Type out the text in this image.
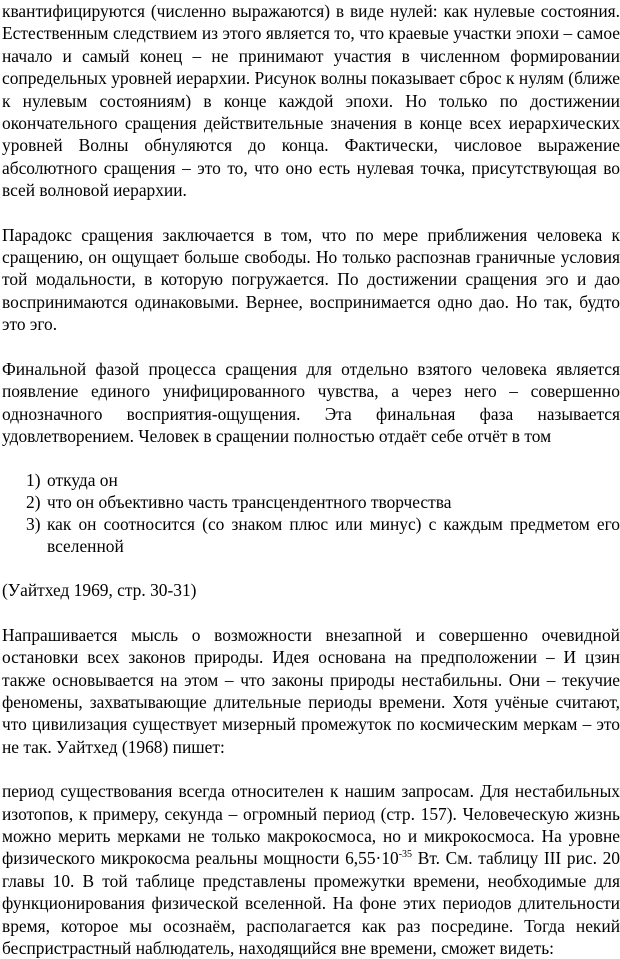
квантифицируются (численно выражаются) в виде нулей: как нулевые состояния. Естественным следствием из этого является то, что краевые участки эпохи – самое начало и самый конец – не принимают участия в численном формировании сопредельных уровней иерархии. Рисунок волны показывает сброс к нулям (ближе к нулевым состояниям) в конце каждой эпохи. Но только по достижении окончательного сращения действительные значения в конце всех иерархических уровней Волны обнуляются до конца. Фактически, числовое выражение абсолютного сращения – это то, что оно есть нулевая точка, присутствующая во всей волновой иерархии.

Парадокс сращения заключается в том, что по мере приближения человека к сращению, он ощущает больше свободы. Но только распознав граничные условия той модальности, в которую погружается. По достижении сращения эго и дао воспринимаются одинаковыми. Вернее, воспринимается одно дао. Но так, будто это эго.

Финальной фазой процесса сращения для отдельно взятого человека является появление единого унифицированного чувства, а через него – совершенно однозначного восприятия-ощущения. Эта финальная фаза называется удовлетворением. Человек в сращении полностью отдаёт себе отчёт в том

1) откуда он
2) что он объективно часть трансцендентного творчества
3) как он соотносится (со знаком плюс или минус) с каждым предметом его вселенной

(Уайтхед 1969, стр. 30-31)

Напрашивается мысль о возможности внезапной и совершенно очевидной остановки всех законов природы. Идея основана на предположении – И цзин также основывается на этом – что законы природы нестабильны. Они – текучие феномены, захватывающие длительные периоды времени. Хотя учёные считают, что цивилизация существует мизерный промежуток по космическим меркам – это не так. Уайтхед (1968) пишет:

период существования всегда относителен к нашим запросам. Для нестабильных изотопов, к примеру, секунда – огромный период (стр. 157). Человеческую жизнь можно мерить мерками не только макрокосмоса, но и микрокосмоса. На уровне физического микрокосма реальны мощности $6,55\cdot 10^{-35}$ Вт. См. таблицу III рис. 20 главы 10. В той таблице представлены промежутки времени, необходимые для функционирования физической вселенной. На фоне этих периодов длительности время, которое мы осознаём, располагается как раз посредине. Тогда некий беспристрастный наблюдатель, находящийся вне времени, сможет видеть:
